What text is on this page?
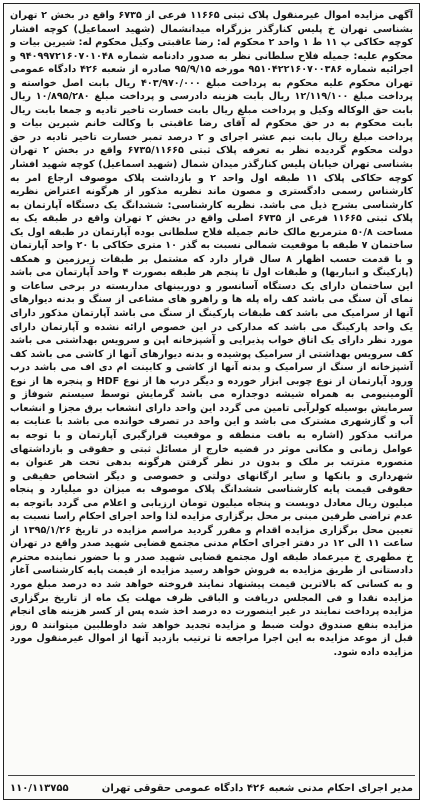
آگهی مزایده اموال غیرمنقول پلاک ثبتی ۱۱۶۶۵ فرعی از ۶۷۳۵ واقع در بخش ۲ تهران بشناسی تهران خ پلیس کنارگذر بزرگراه میدانشمال (شهید اسماعیل) کوچه افشار کوچه حکاکی پ ۱۱ ط ۱ واحد ۲ محکوم له: رضا عاقبتی وکیل محکوم له: شیرین بیات و محکوم علیه: جمیله فلاح سلطانی نظر به صدور دادنامه شماره ۹۴۰۹۹۷۲۱۶۰۷۰۱۰۴۸ و اجرائیه شماره ۹۵۱۰۴۲۲۱۶۰۷۰۰۳۸۶ مورخه ۹۵/۹/۱۵ صادره از شعبه ۴۲۶ دادگاه عمومی تهران محکوم علیه محکوم به پرداخت مبلغ ۴۰۳/۹۷۰/۰۰۰ ریال بابت اصل خواسته و پرداخت مبلغ ۱۲/۱۱۹/۱۰۰ ریال بابت هزینه دادرسی و پرداخت مبلغ ۱۰/۸۹۵/۲۸۰ ریال بابت حق الوکاله وکیل و پرداخت مبلغ ریال بابت خسارت تاخیر تادیه و جمعا بابت ریال بابت محکوم به در حق محکوم له آقای رضا عاقبتی با وکالت خانم شیرین بیات و پرداخت مبلغ ریال بابت نیم عشر اجرای و ۲ درصد تمبر خسارت تاخیر تادیه در حق دولت محکوم گردیده نظر به تعرفه پلاک ثبتی ۶۷۳۵/۱۱۶۶۵ واقع در بخش ۲ تهران بشناسی تهران خیابان پلیس کنارگذر میدان شمال (شهید اسماعیل) کوچه شهید افشار کوچه حکاکی پلاک ۱۱ طبقه اول واحد ۲ و بازداشت پلاک موصوف ارجاع امر به کارشناس رسمی دادگستری و مصون ماند نظریه مذکور از هرگونه اعتراض نظریه کارشناسی بشرح ذیل می باشد. نظریه کارشناسی: ششدانگ یک دستگاه آپارتمان به پلاک ثبتی ۱۱۶۶۵ فرعی از ۶۷۳۵ اصلی واقع در بخش ۲ تهران واقع در طبقه یک به مساحت ۵۰/۸ مترمربع مالک خانم جمیله فلاح سلطانی بوده آپارتمان در طبقه اول یک ساختمان ۷ طبقه با موقعیت شمالی نسبت به گذر ۱۰ متری حکاکی با ۲۰ واحد آپارتمان و با قدمت حسب اظهار ۸ سال قرار دارد که مشتمل بر طبقات زیرزمین و همکف (پارکینگ و انباریها) و طبقات اول تا پنجم هر طبقه بصورت ۴ واحد آپارتمان می باشد این ساختمان دارای یک دستگاه آسانسور و دوربینهای مداربسته در برخی ساعات و نمای آن سنگ می باشد کف راه پله ها و راهرو های مشاعی از سنگ و بدنه دیوارهای آنها از سرامیک می باشد کف طبقات پارکینگ از سنگ می باشد آپارتمان مذکور دارای یک واحد پارکینگ می باشد که مدارکی در این خصوص ارائه نشده و آپارتمان دارای مورد نظر دارای یک اتاق خواب پذیرایی و آشپزخانه اپن و سرویس بهداشتی می باشد کف سرویس بهداشتی از سرامیک پوشیده و بدنه دیوارهای آنها از کاشی می باشد کف آشپزخانه از سنگ از سرامیک و بدنه آنها از کاشی و کابینت ام دی اف می باشد درب ورود آپارتمان از نوع چوبی ابزار خورده و دیگر درب ها از نوع HDF و پنجره ها از نوع آلومینیومی به همراه شیشه دوجداره می باشد گرمایش توسط سیستم شوفاژ و سرمایش بوسیله کولرآبی تامین می گردد این واحد دارای انشعاب برق مجزا و انشعاب آب و گازشهری مشترک می باشد و این واحد در تصرف خوانده می باشد با عنایت به مراتب مذکور (اشاره به بافت منطقه و موقعیت قرارگیری آپارتمان و با توجه به عوامل زمانی و مکانی موثر در قضیه خارج از مسائل ثبتی و حقوقی و بازداشتهای متصوره مترتب بر ملک و بدون در نظر گرفتن هرگونه بدهی تحت هر عنوان به شهرداری و بانکها و سایر ارگانهای دولتی و خصوصی و دیگر اشخاص حقیقی و حقوقی قیمت پایه کارشناسی ششدانگ پلاک موصوف به میزان دو میلیارد و پنجاه میلیون ریال معادل دویست و پنجاه میلیون تومان ارزیابی و اعلام می گردد باتوجه به عدم تراضی طرفین مبنی بر محل برگزاری مزایده لذا واحد اجرای احکام راسا نسبت به تعیین محل برگزاری مزایده اقدام و مقرر گردید مراسم مزایده در تاریخ ۱۳۹۵/۱/۲۶ از ساعت ۱۱ الی ۱۲ در دفتر اجرای احکام مدنی مجتمع قضایی شهید صدر واقع در تهران خ مطهری خ میرعماد طبقه اول مجتمع قضایی شهید صدر و با حضور نماینده محترم دادستانی از طریق مزایده به فروش خواهد رسید مزایده از قیمت پایه کارشناسی آغاز و به کسانی که بالاترین قیمت پیشنهاد نمایند فروخته خواهد شد ده درصد مبلغ مورد مزایده نقدا و فی المجلس دریافت و الباقی ظرف مهلت یک ماه از تاریخ برگزاری مزایده پرداخت نمایند در غیر اینصورت ده درصد اخذ شده پس از کسر هزینه های انجام مزایده بنفع صندوق دولت ضبط و مزایده تجدید خواهد شد داوطلبین میتوانند ۵ روز قبل از موعد مزایده به این اجرا مراجعه تا ترتیب بازدید آنها از اموال غیرمنقول مورد مزایده داده شود.

مدیر اجرای احکام مدنی شعبه ۴۲۶ دادگاه عمومی حقوقی تهران
۱۱۰/۱۱۳۷۵۵
